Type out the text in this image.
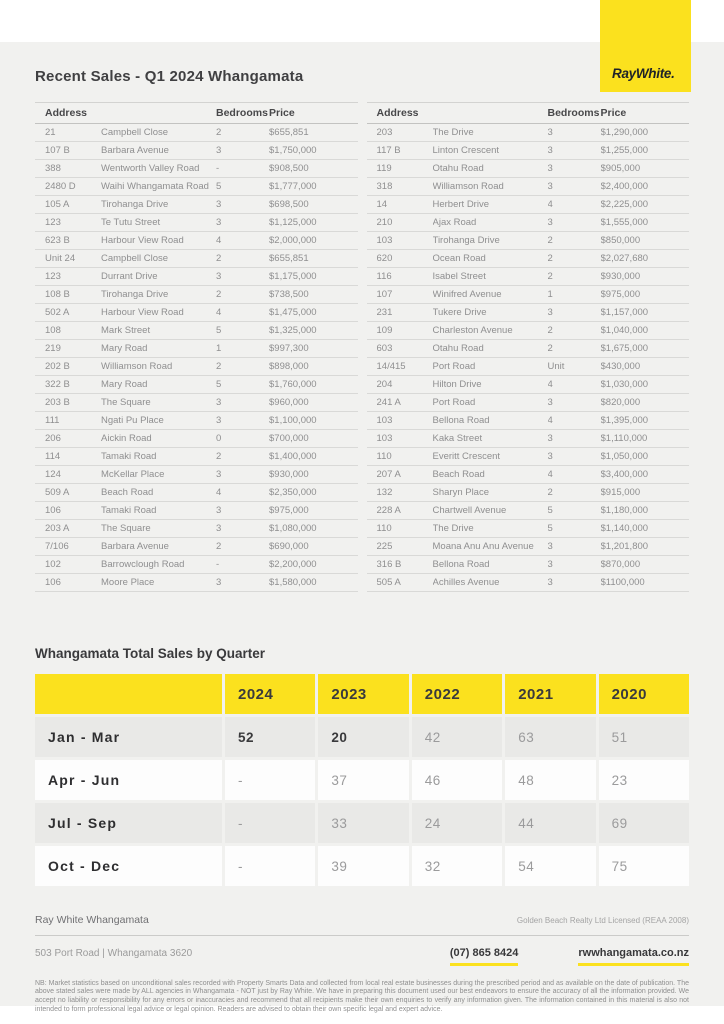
RayWhite.
Recent Sales - Q1 2024 Whangamata
Address	Bedrooms Price
21	Campbell Close	2	$655,851
107 B	Barbara Avenue	3	$1,750,000
388	Wentworth Valley Road	-	$908,500
2480 D	Waihi Whangamata Road 5	$1,777,000
105 A	Tirohanga Drive	3	$698,500
123	Te Tutu Street	3	$1,125,000
623 B	Harbour View Road	4	$2,000,000
Unit 24	Campbell Close	2	$655,851
123	Durrant Drive	3	$1,175,000
108 B	Tirohanga Drive	2	$738,500
502 A	Harbour View Road	4	$1,475,000
108	Mark Street	5	$1,325,000
219	Mary Road	1	$997,300
202 B	Williamson Road	2	$898,000
322 B	Mary Road	5	$1,760,000
203 B	The Square	3	$960,000
111	Ngati Pu Place	3	$1,100,000
206	Aickin Road	0	$700,000
114	Tamaki Road	2	$1,400,000
124	McKellar Place	3	$930,000
509 A	Beach Road	4	$2,350,000
106	Tamaki Road	3	$975,000
203 A	The Square	3	$1,080,000
7/106	Barbara Avenue	2	$690,000
102	Barrowclough Road	-	$2,200,000
106	Moore Place	3	$1,580,000
Address	Bedrooms Price
203	The Drive	3	$1,290,000
117 B	Linton Crescent	3	$1,255,000
119	Otahu Road	3	$905,000
318	Williamson Road	3	$2,400,000
14	Herbert Drive	4	$2,225,000
210	Ajax Road	3	$1,555,000
103	Tirohanga Drive	2	$850,000
620	Ocean Road	2	$2,027,680
116	Isabel Street	2	$930,000
107	Winifred Avenue	1	$975,000
231	Tukere Drive	3	$1,157,000
109	Charleston Avenue	2	$1,040,000
603	Otahu Road	2	$1,675,000
14/415	Port Road	Unit	$430,000
204	Hilton Drive	4	$1,030,000
241 A	Port Road	3	$820,000
103	Bellona Road	4	$1,395,000
103	Kaka Street	3	$1,110,000
110	Everitt Crescent	3	$1,050,000
207 A	Beach Road	4	$3,400,000
132	Sharyn Place	2	$915,000
228 A	Chartwell Avenue	5	$1,180,000
110	The Drive	5	$1,140,000
225	Moana Anu Anu Avenue	3	$1,201,800
316 B	Bellona Road	3	$870,000
505 A	Achilles Avenue	3	$1100,000
Whangamata Total Sales by Quarter
2024	2023	2022	2021	2020
Jan - Mar	52	20	42	63	51
Apr - Jun	-	37	46	48	23
Jul - Sep	-	33	24	44	69
Oct - Dec	-	39	32	54	75
Ray White Whangamata	Golden Beach Realty Ltd Licensed (REAA 2008)
503 Port Road | Whangamata 3620	(07) 865 8424	rwwhangamata.co.nz

NB: Market statistics based on unconditional sales recorded with Property Smarts Data and collected from local real estate businesses during the prescribed period and as available on the date of publication. The above stated sales were made by ALL agencies in Whangamata - NOT just by Ray White. We have in preparing this document used our best endeavors to ensure the accuracy of all the information provided. We accept no liability or responsibility for any errors or inaccuracies and recommend that all recipients make their own enquiries to verify any information given. The information contained in this material is also not intended to form professional legal advice or legal opinion. Readers are advised to obtain their own specific legal and expert advice.
